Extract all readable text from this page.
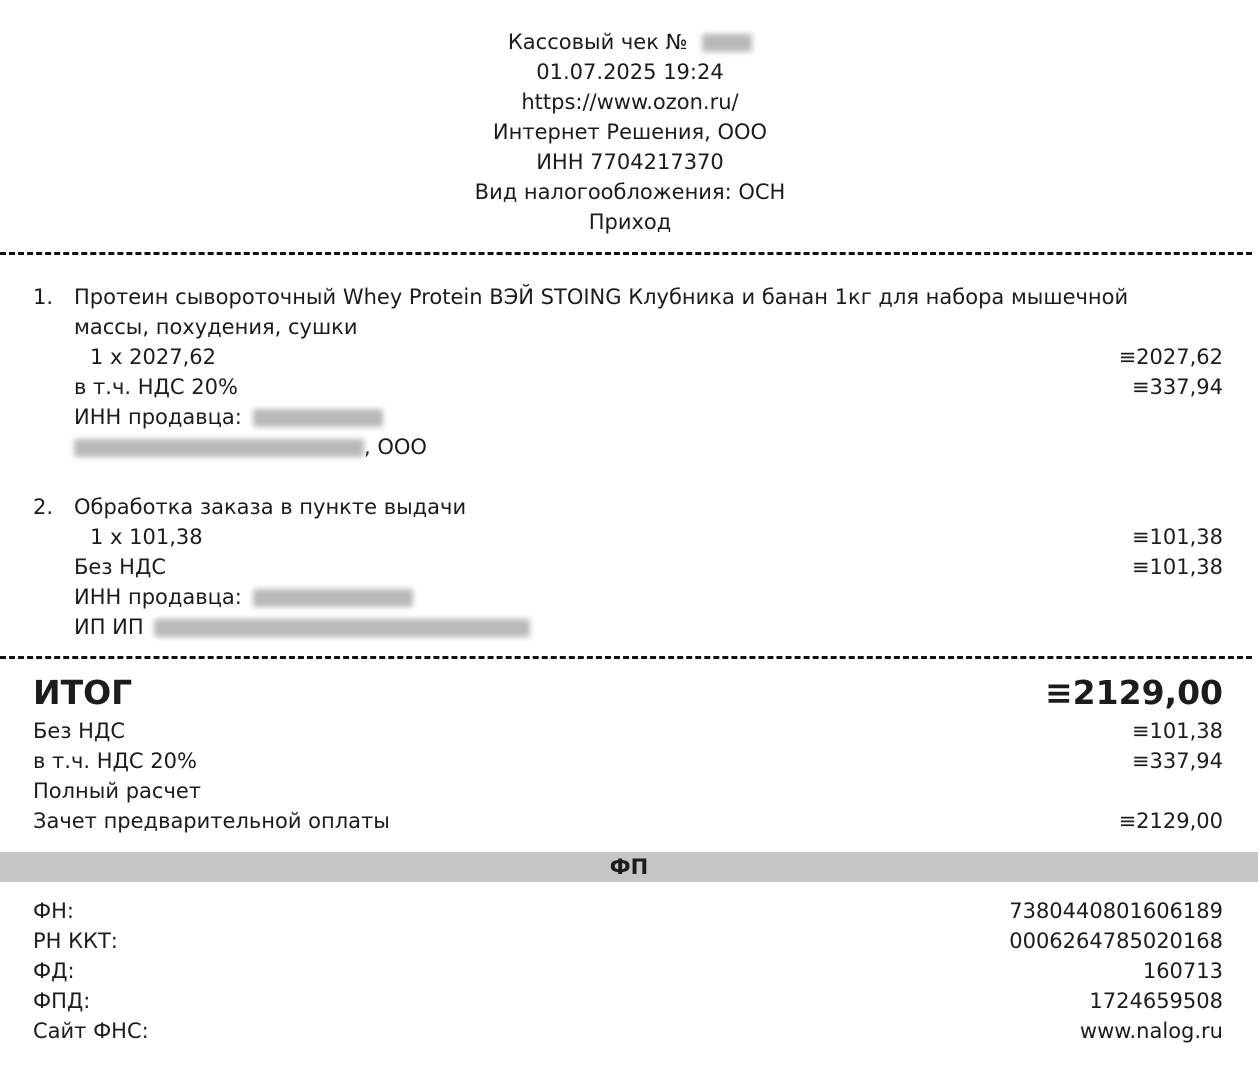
Кассовый чек №
01.07.2025 19:24
https://www.ozon.ru/
Интернет Решения, ООО
ИНН 7704217370
Вид налогообложения: ОСН
Приход
1. Протеин сывороточный Whey Protein ВЭЙ STOING Клубника и банан 1кг для набора мышечной
массы, похудения, сушки
1 x 2027,62	≡2027,62
в т.ч. НДС 20%	≡337,94
ИНН продавца:
, ООО
2. Обработка заказа в пункте выдачи
1 x 101,38	≡101,38
Без НДС	≡101,38
ИНН продавца:
ИП ИП
ИТОГ	≡2129,00
Без НДС	≡101,38
в т.ч. НДС 20%	≡337,94
Полный расчет
Зачет предварительной оплаты	≡2129,00
ФП
ФН:	7380440801606189
РН ККТ:	0006264785020168
ФД:	160713
ФПД:	1724659508
Сайт ФНС:	www.nalog.ru
